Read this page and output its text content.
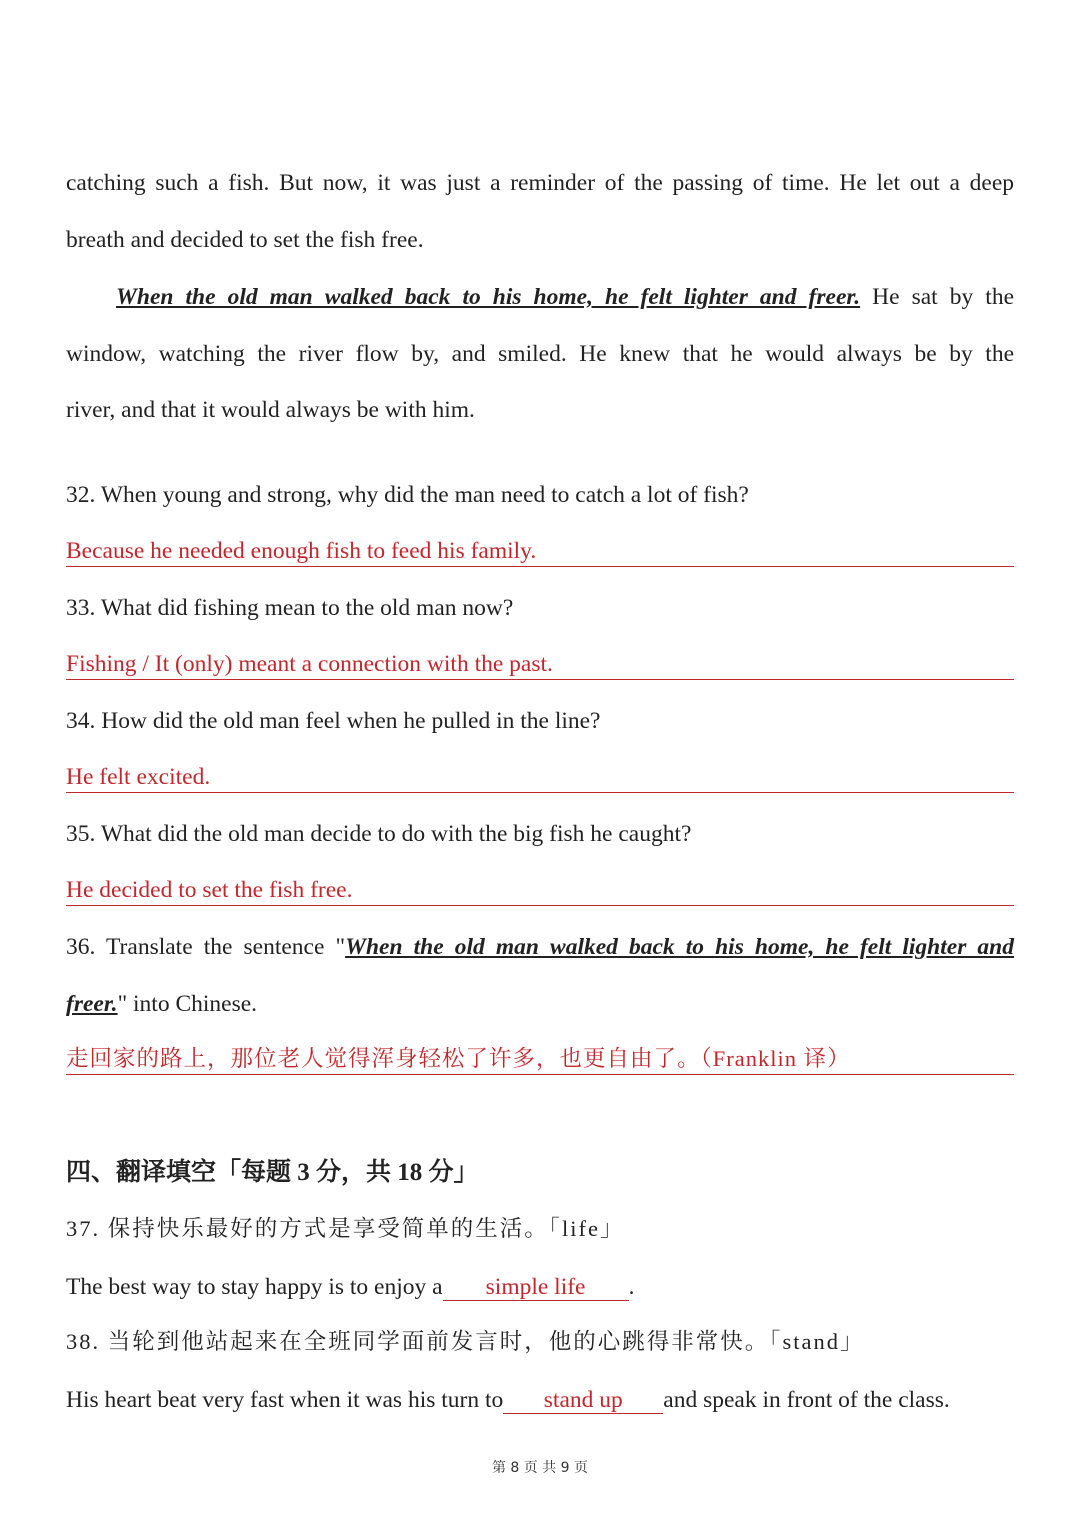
catching such a fish. But now, it was just a reminder of the passing of time. He let out a deep
breath and decided to set the fish free.
When the old man walked back to his home, he felt lighter and freer. He sat by the
window, watching the river flow by, and smiled. He knew that he would always be by the
river, and that it would always be with him.
32. When young and strong, why did the man need to catch a lot of fish?
Because he needed enough fish to feed his family.
33. What did fishing mean to the old man now?
Fishing / It (only) meant a connection with the past.
34. How did the old man feel when he pulled in the line?
He felt excited.
35. What did the old man decide to do with the big fish he caught?
He decided to set the fish free.
36. Translate the sentence "When the old man walked back to his home, he felt lighter and
freer." into Chinese.
走回家的路上，那位老人觉得浑身轻松了许多，也更自由了。（Franklin 译）
四、翻译填空「每题 3 分，共 18 分」
37. 保持快乐最好的方式是享受简单的生活。「life」
The best way to stay happy is to enjoy a simple life .
38. 当轮到他站起来在全班同学面前发言时，他的心跳得非常快。「stand」
His heart beat very fast when it was his turn to stand up and speak in front of the class.
第 8 页 共 9 页
